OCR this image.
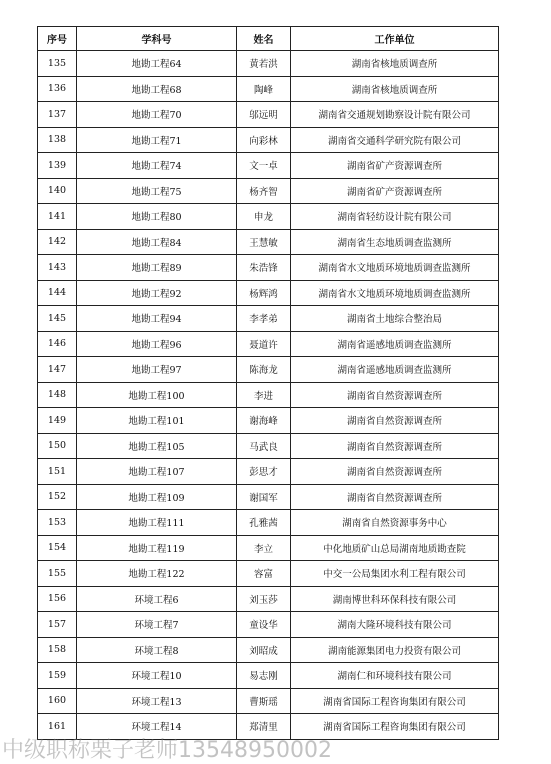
序号	学科号	姓名	工作单位
135	地勘工程64	黄若洪	湖南省核地质调查所
136	地勘工程68	陶峰	湖南省核地质调查所
137	地勘工程70	邬远明	湖南省交通规划勘察设计院有限公司
138	地勘工程71	向彩林	湖南省交通科学研究院有限公司
139	地勘工程74	文一卓	湖南省矿产资源调查所
140	地勘工程75	杨齐智	湖南省矿产资源调查所
141	地勘工程80	申龙	湖南省轻纺设计院有限公司
142	地勘工程84	王慧敏	湖南省生态地质调查监测所
143	地勘工程89	朱浩锋	湖南省水文地质环境地质调查监测所
144	地勘工程92	杨辉鸿	湖南省水文地质环境地质调查监测所
145	地勘工程94	李孝弟	湖南省土地综合整治局
146	地勘工程96	聂道许	湖南省遥感地质调查监测所
147	地勘工程97	陈海龙	湖南省遥感地质调查监测所
148	地勘工程100	李进	湖南省自然资源调查所
149	地勘工程101	谢海峰	湖南省自然资源调查所
150	地勘工程105	马武良	湖南省自然资源调查所
151	地勘工程107	彭思才	湖南省自然资源调查所
152	地勘工程109	谢国军	湖南省自然资源调查所
153	地勘工程111	孔雅茜	湖南省自然资源事务中心
154	地勘工程119	李立	中化地质矿山总局湖南地质勘查院
155	地勘工程122	容富	中交一公局集团水利工程有限公司
156	环境工程6	刘玉莎	湖南博世科环保科技有限公司
157	环境工程7	童设华	湖南大隆环境科技有限公司
158	环境工程8	刘昭成	湖南能源集团电力投资有限公司
159	环境工程10	易志刚	湖南仁和环境科技有限公司
160	环境工程13	曹斯瑶	湖南省国际工程咨询集团有限公司
161	环境工程14	郑清里	湖南省国际工程咨询集团有限公司
中级职称栗子老师13548950002
